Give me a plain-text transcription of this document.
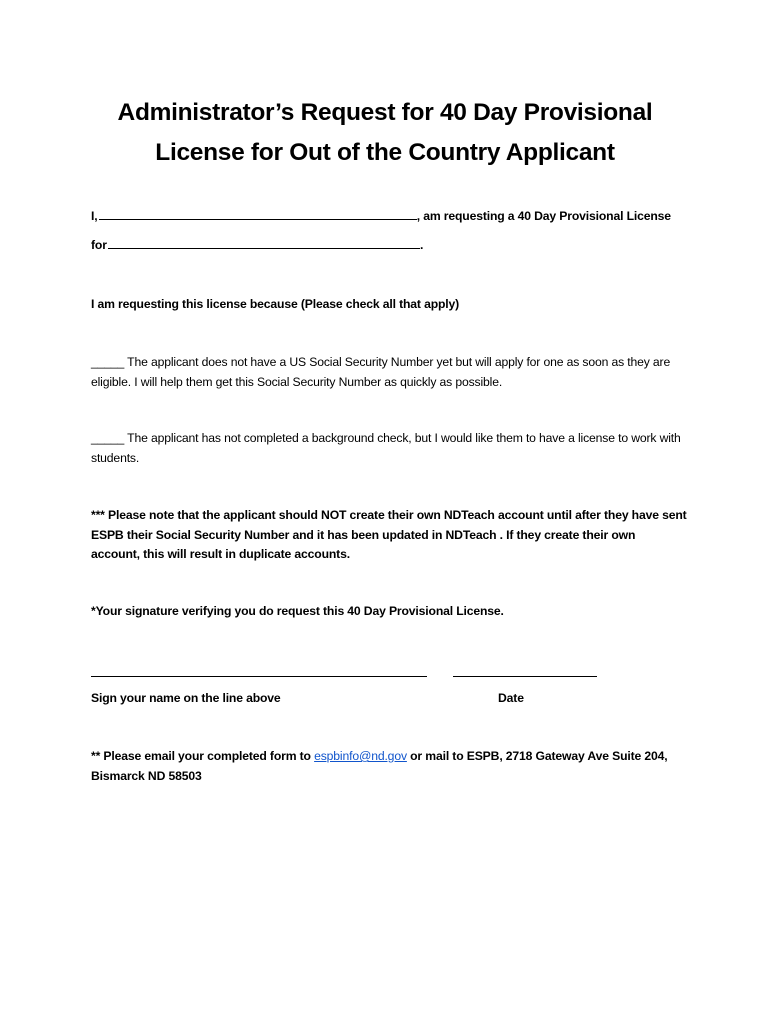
Administrator’s Request for 40 Day Provisional
License for Out of the Country Applicant
I,	, am requesting a 40 Day Provisional License
for	.
I am requesting this license because (Please check all that apply)
_____ The applicant does not have a US Social Security Number yet but will apply for one as soon as they are eligible. I will help them get this Social Security Number as quickly as possible.
_____ The applicant has not completed a background check, but I would like them to have a license to work with students.
*** Please note that the applicant should NOT create their own NDTeach account until after they have sent ESPB their Social Security Number and it has been updated in NDTeach . If they create their own account, this will result in duplicate accounts.
*Your signature verifying you do request this 40 Day Provisional License.
Sign your name on the line above	Date
** Please email your completed form to espbinfo@nd.gov or mail to ESPB, 2718 Gateway Ave Suite 204, Bismarck ND 58503
